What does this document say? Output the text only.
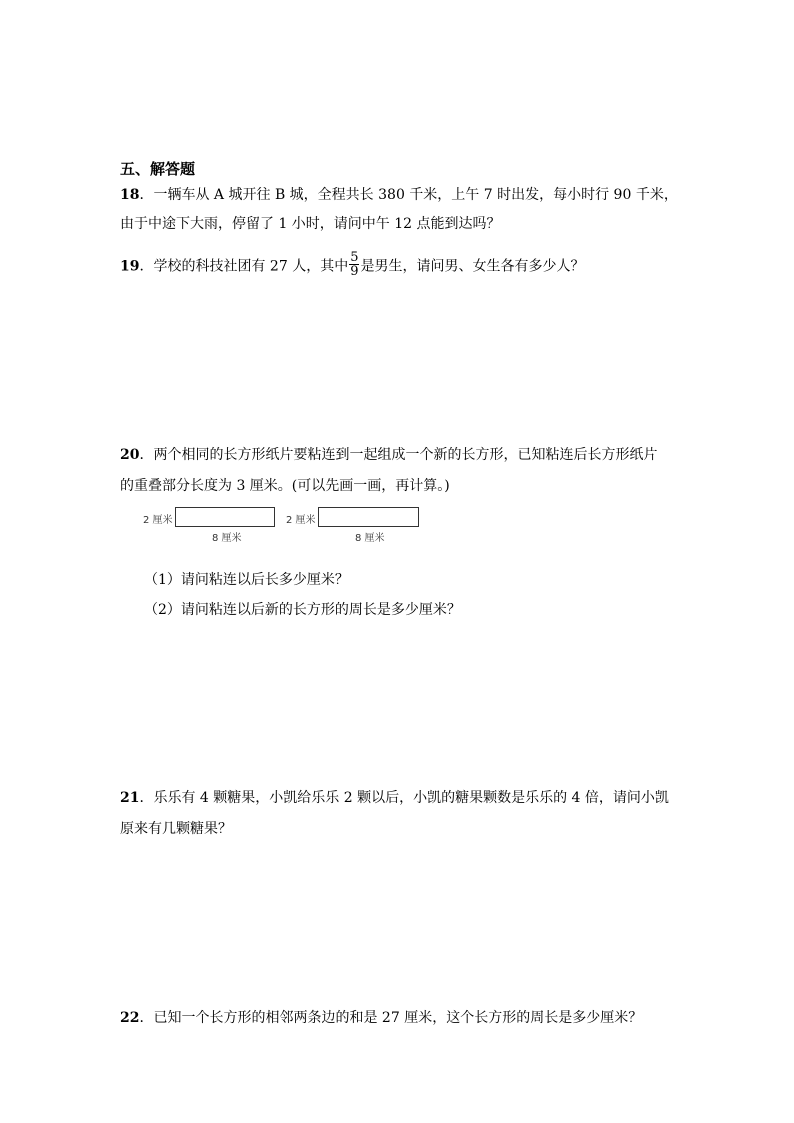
五、解答题
18．一辆车从 A 城开往 B 城，全程共长 380 千米，上午 7 时出发，每小时行 90 千米，
由于中途下大雨，停留了 1 小时，请问中午 12 点能到达吗？
19．学校的科技社团有 27 人，其中 $\frac{5}{9}$ 是男生，请问男、女生各有多少人？
20．两个相同的长方形纸片要粘连到一起组成一个新的长方形，已知粘连后长方形纸片
的重叠部分长度为 3 厘米。(可以先画一画，再计算。)
2 厘米
8 厘米
2 厘米
8 厘米
（1）请问粘连以后长多少厘米？
（2）请问粘连以后新的长方形的周长是多少厘米？
21．乐乐有 4 颗糖果，小凯给乐乐 2 颗以后，小凯的糖果颗数是乐乐的 4 倍，请问小凯
原来有几颗糖果？
22．已知一个长方形的相邻两条边的和是 27 厘米，这个长方形的周长是多少厘米？
